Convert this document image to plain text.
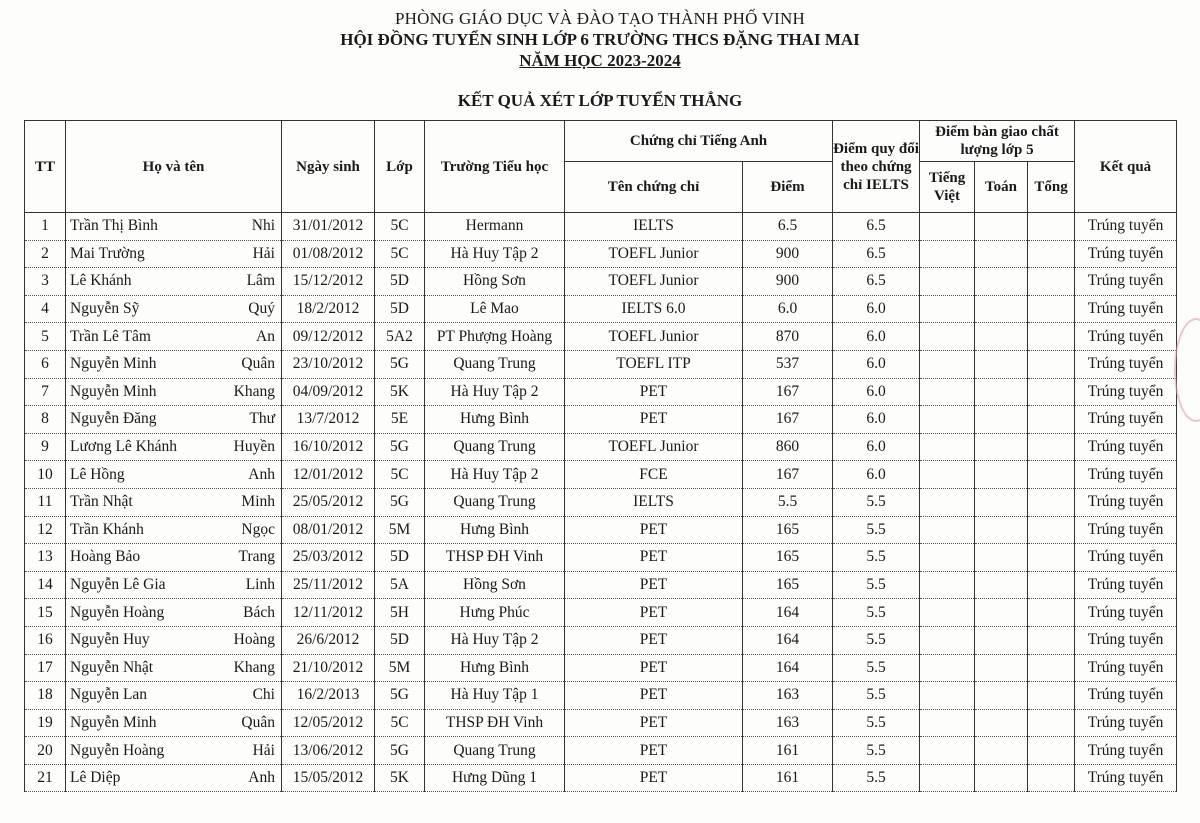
PHÒNG GIÁO DỤC VÀ ĐÀO TẠO THÀNH PHỐ VINH
HỘI ĐỒNG TUYỂN SINH LỚP 6 TRƯỜNG THCS ĐẶNG THAI MAI
NĂM HỌC 2023-2024
KẾT QUẢ XÉT LỚP TUYỂN THẲNG
TT	Họ và tên	Ngày sinh	Lớp	Trường Tiểu học	Chứng chỉ Tiếng Anh		Điểm quy đổi theo chứng chỉ IELTS	Điểm bàn giao chất lượng lớp 5			Kết quả
					Tên chứng chỉ	Điểm		Tiếng Việt	Toán	Tổng	
1	Trần Thị Bình Nhi	31/01/2012	5C	Hermann	IELTS	6.5	6.5				Trúng tuyển
2	Mai Trường Hải	01/08/2012	5C	Hà Huy Tập 2	TOEFL Junior	900	6.5				Trúng tuyển
3	Lê Khánh Lâm	15/12/2012	5D	Hồng Sơn	TOEFL Junior	900	6.5				Trúng tuyển
4	Nguyễn Sỹ Quý	18/2/2012	5D	Lê Mao	IELTS 6.0	6.0	6.0				Trúng tuyển
5	Trần Lê Tâm An	09/12/2012	5A2	PT Phượng Hoàng	TOEFL Junior	870	6.0				Trúng tuyển
6	Nguyễn Minh Quân	23/10/2012	5G	Quang Trung	TOEFL ITP	537	6.0				Trúng tuyển
7	Nguyễn Minh Khang	04/09/2012	5K	Hà Huy Tập 2	PET	167	6.0				Trúng tuyển
8	Nguyễn Đăng Thư	13/7/2012	5E	Hưng Bình	PET	167	6.0				Trúng tuyển
9	Lương Lê Khánh Huyền	16/10/2012	5G	Quang Trung	TOEFL Junior	860	6.0				Trúng tuyển
10	Lê Hồng Anh	12/01/2012	5C	Hà Huy Tập 2	FCE	167	6.0				Trúng tuyển
11	Trần Nhật Minh	25/05/2012	5G	Quang Trung	IELTS	5.5	5.5				Trúng tuyển
12	Trần Khánh Ngọc	08/01/2012	5M	Hưng Bình	PET	165	5.5				Trúng tuyển
13	Hoàng Bảo Trang	25/03/2012	5D	THSP ĐH Vinh	PET	165	5.5				Trúng tuyển
14	Nguyễn Lê Gia Linh	25/11/2012	5A	Hồng Sơn	PET	165	5.5				Trúng tuyển
15	Nguyễn Hoàng Bách	12/11/2012	5H	Hưng Phúc	PET	164	5.5				Trúng tuyển
16	Nguyễn Huy Hoàng	26/6/2012	5D	Hà Huy Tập 2	PET	164	5.5				Trúng tuyển
17	Nguyễn Nhật Khang	21/10/2012	5M	Hưng Bình	PET	164	5.5				Trúng tuyển
18	Nguyễn Lan Chi	16/2/2013	5G	Hà Huy Tập 1	PET	163	5.5				Trúng tuyển
19	Nguyễn Minh Quân	12/05/2012	5C	THSP ĐH Vinh	PET	163	5.5				Trúng tuyển
20	Nguyễn Hoàng Hải	13/06/2012	5G	Quang Trung	PET	161	5.5				Trúng tuyển
21	Lê Diệp Anh	15/05/2012	5K	Hưng Dũng 1	PET	161	5.5				Trúng tuyển
